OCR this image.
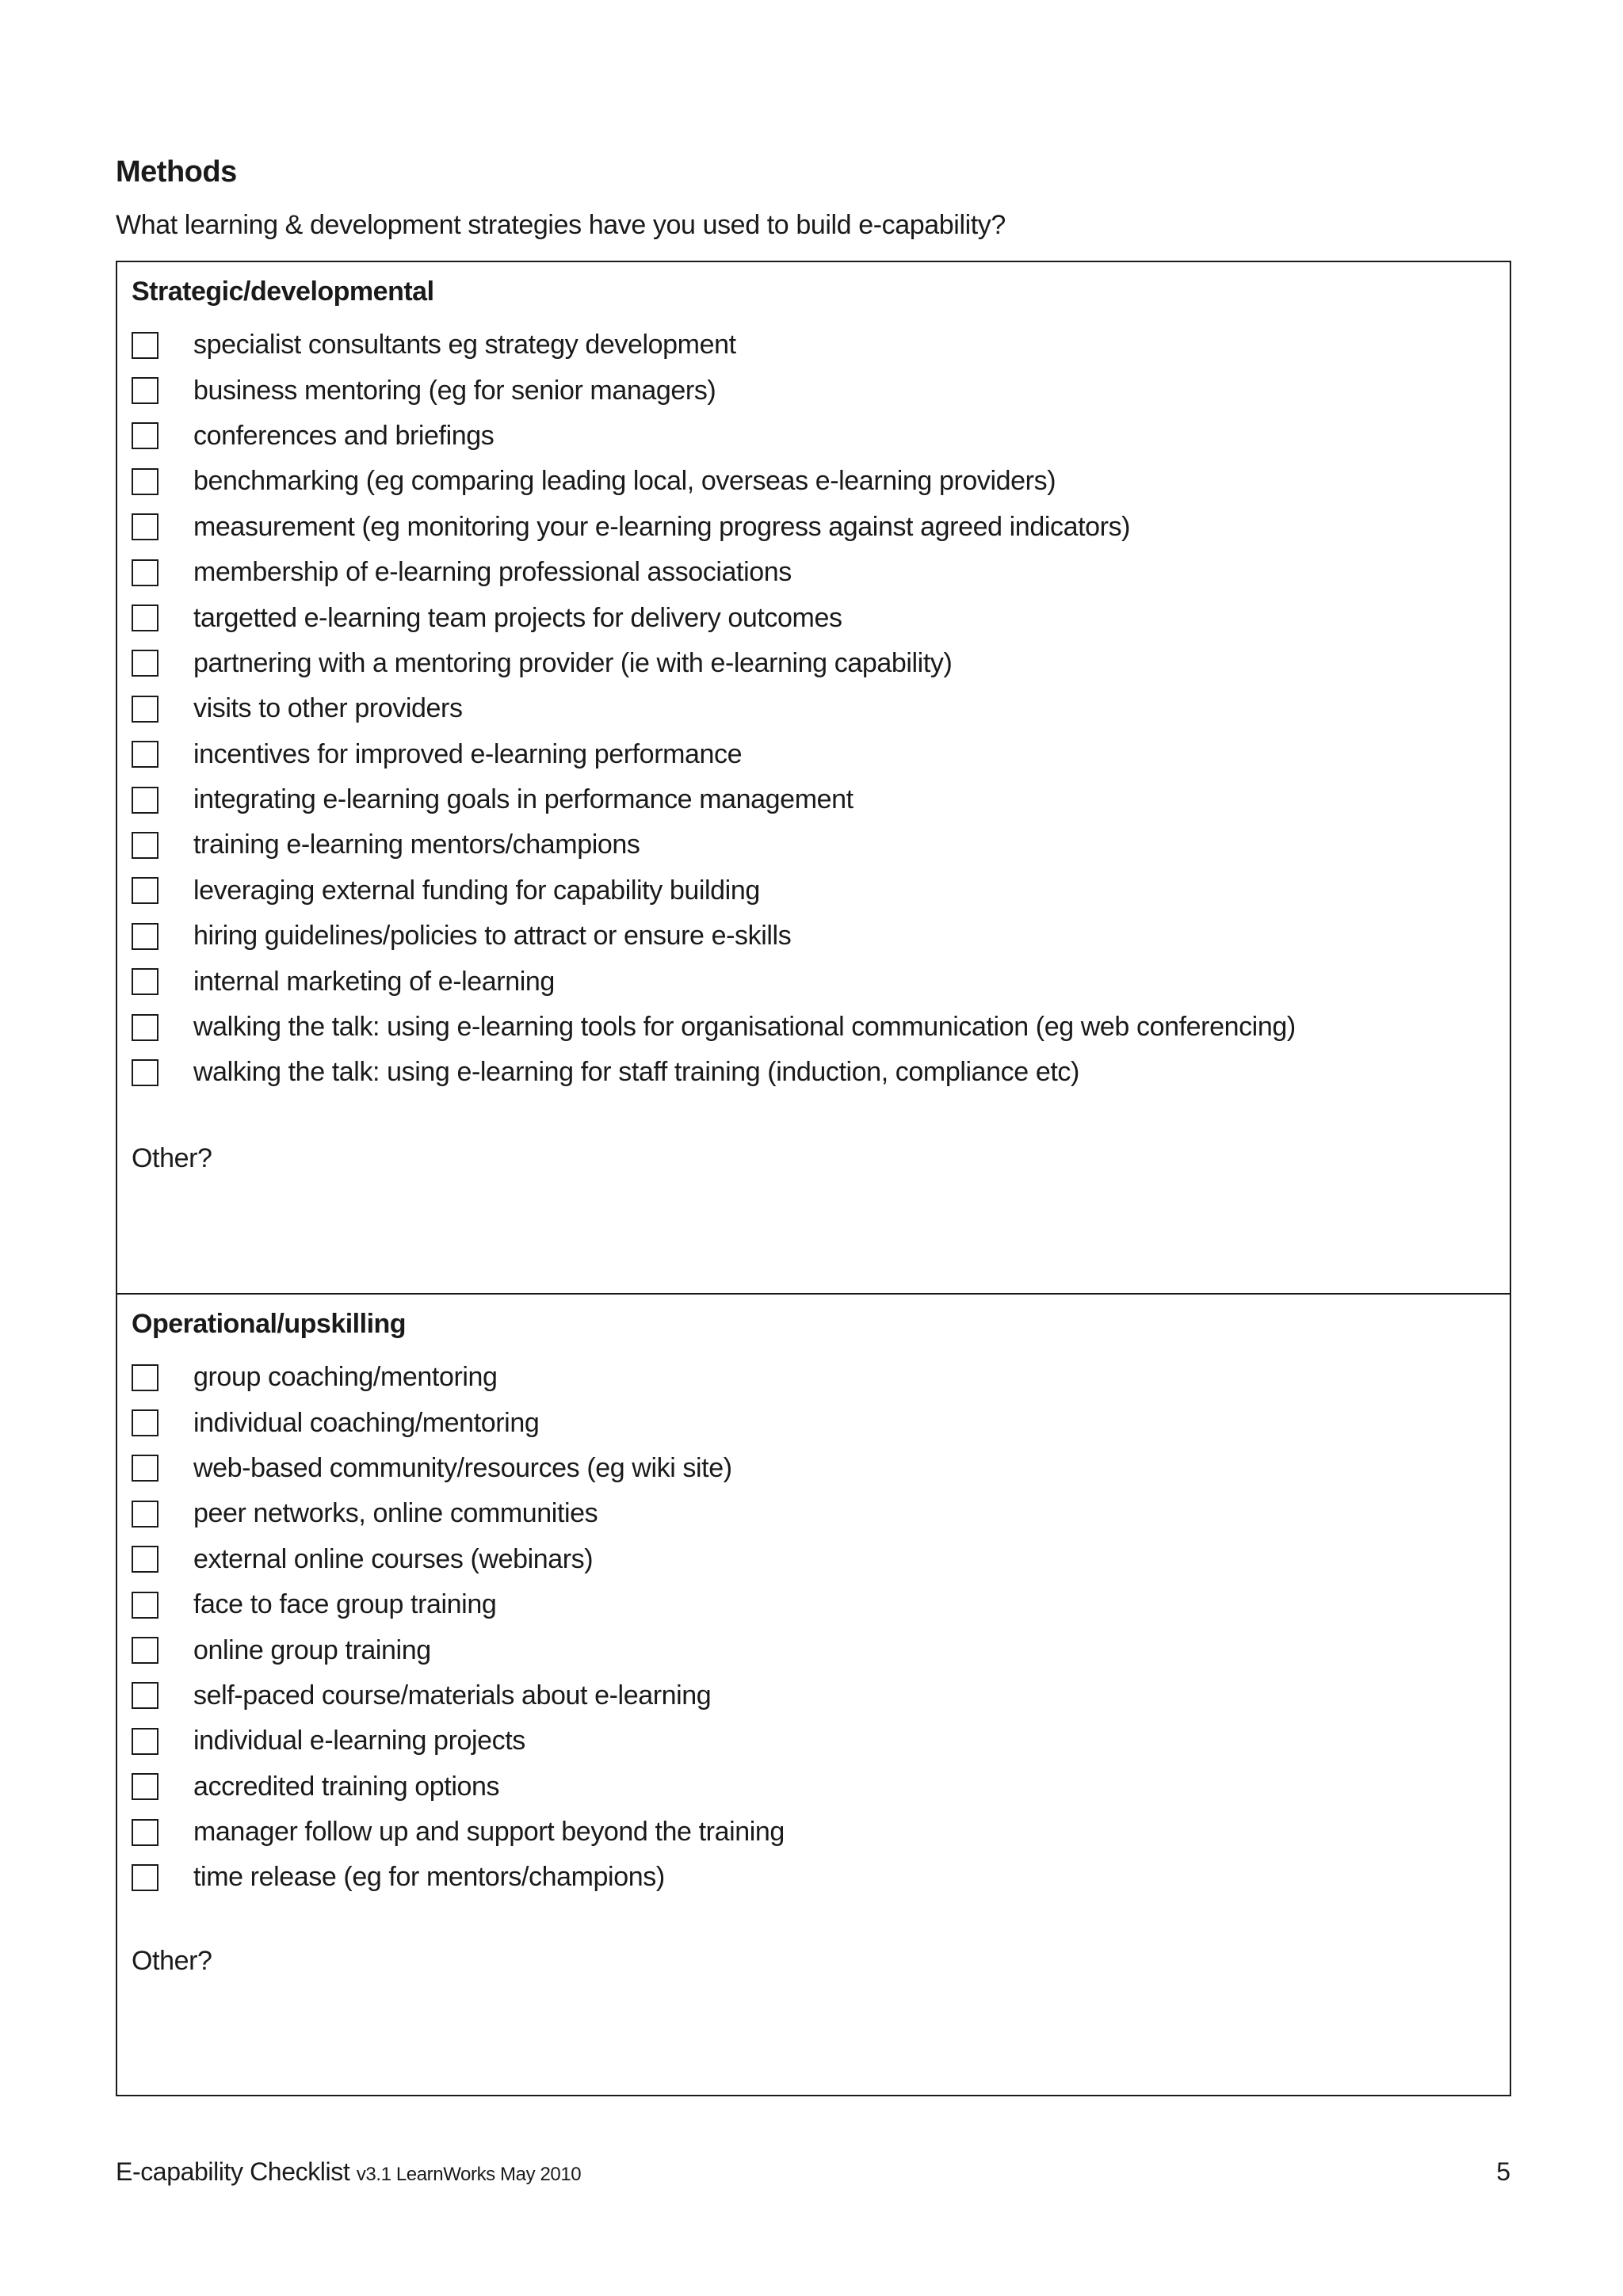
Methods
What learning & development strategies have you used to build e-capability?
Strategic/developmental
specialist consultants eg strategy development
business mentoring (eg for senior managers)
conferences and briefings
benchmarking (eg comparing leading local, overseas e-learning providers)
measurement (eg monitoring your e-learning progress against agreed indicators)
membership of e-learning professional associations
targetted e-learning team projects for delivery outcomes
partnering with a mentoring provider (ie with e-learning capability)
visits to other providers
incentives for improved e-learning performance
integrating e-learning goals in performance management
training e-learning mentors/champions
leveraging external funding for capability building
hiring guidelines/policies to attract or ensure e-skills
internal marketing of e-learning
walking the talk: using e-learning tools for organisational communication (eg web conferencing)
walking the talk: using e-learning for staff training (induction, compliance etc)
Other?
Operational/upskilling
group coaching/mentoring
individual coaching/mentoring
web-based community/resources (eg wiki site)
peer networks, online communities
external online courses (webinars)
face to face group training
online group training
self-paced course/materials about e-learning
individual e-learning projects
accredited training options
manager follow up and support beyond the training
time release (eg for mentors/champions)
Other?
E-capability Checklist v3.1 LearnWorks May 2010	5
